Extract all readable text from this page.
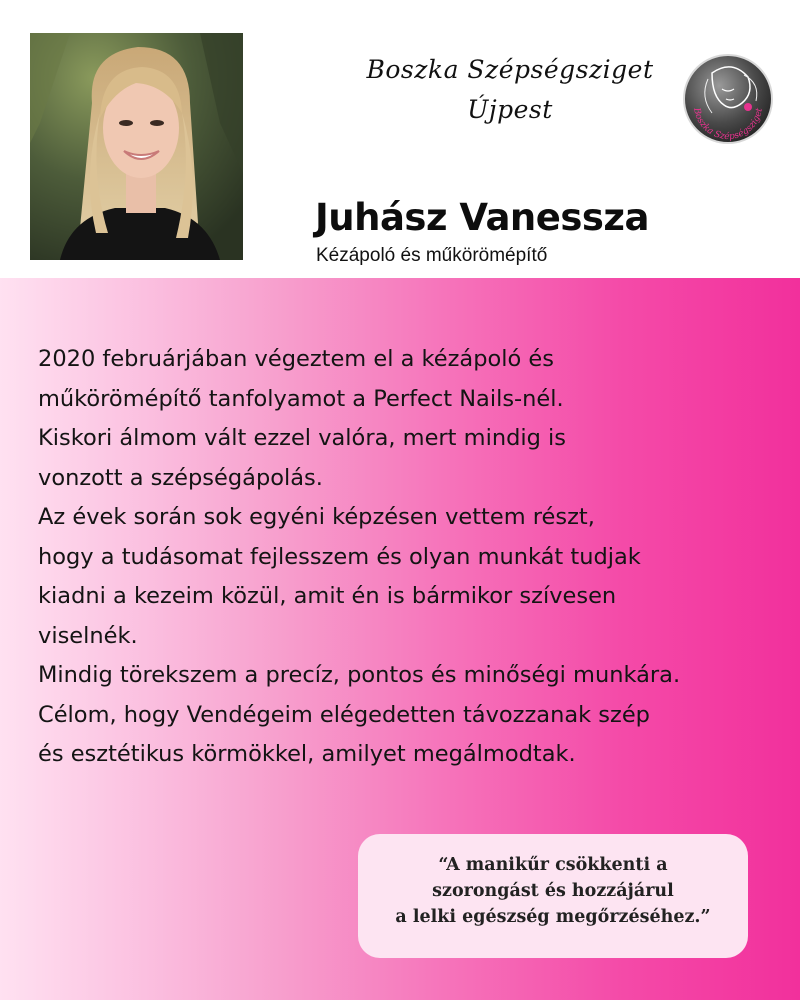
Boszka Szépségsziget
Újpest	Boszka Szépségsziget
Juhász Vanessza
Kézápoló és műkörömépítő
2020 februárjában végeztem el a kézápoló és
műkörömépítő tanfolyamot a Perfect Nails-nél.
Kiskori álmom vált ezzel valóra, mert mindig is
vonzott a szépségápolás.
Az évek során sok egyéni képzésen vettem részt,
hogy a tudásomat fejlesszem és olyan munkát tudjak
kiadni a kezeim közül, amit én is bármikor szívesen
viselnék.
Mindig törekszem a precíz, pontos és minőségi munkára.
Célom, hogy Vendégeim elégedetten távozzanak szép
és esztétikus körmökkel, amilyet megálmodtak.
“A manikűr csökkenti a
szorongást és hozzájárul
a lelki egészség megőrzéséhez.”
